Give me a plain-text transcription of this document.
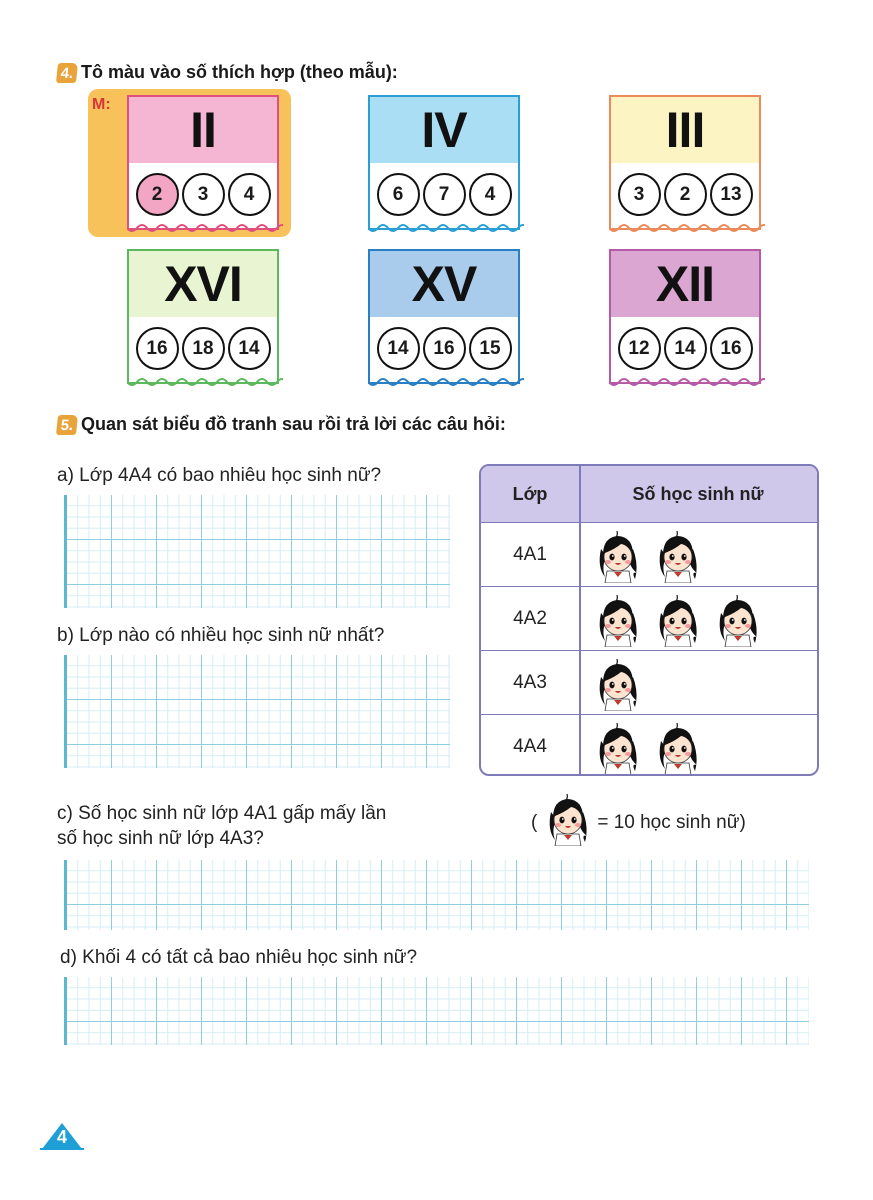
4. Tô màu vào số thích hợp (theo mẫu):
M:	II
2	3	4
IV
6	7	4
III
3	2	13
XVI
16	18	14
XV
14	16	15
XII
12	14	16
5. Quan sát biểu đồ tranh sau rồi trả lời các câu hỏi:
a) Lớp 4A4 có bao nhiêu học sinh nữ?
b) Lớp nào có nhiều học sinh nữ nhất?
c) Số học sinh nữ lớp 4A1 gấp mấy lần
số học sinh nữ lớp 4A3?
d) Khối 4 có tất cả bao nhiêu học sinh nữ?
(	= 10 học sinh nữ)
Lớp	Số học sinh nữ
4A1
4A2
4A3
4A4
4
